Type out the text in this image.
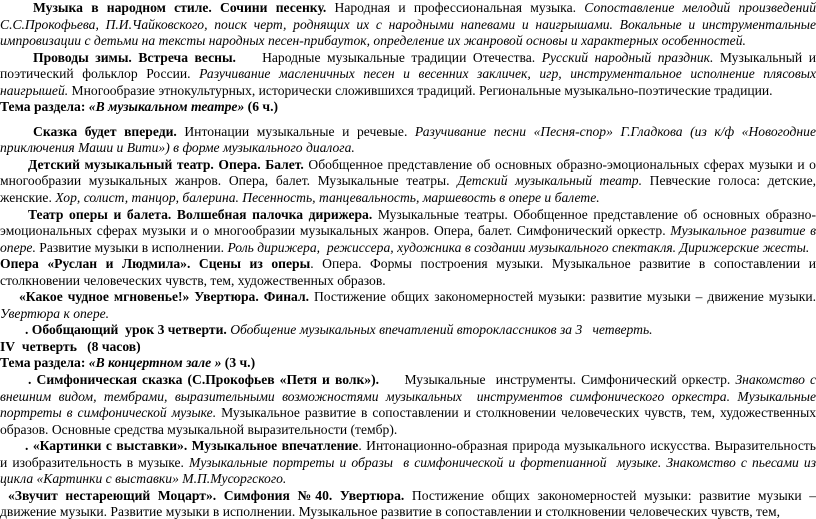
Музыка в народном стиле. Сочини песенку. Народная и профессиональная музыка. Сопоставление мелодий произведений С.С.Прокофьева, П.И.Чайковского, поиск черт, роднящих их с народными напевами и наигрышами. Вокальные и инструментальные импровизации с детьми на тексты народных песен-прибауток, определение их жанровой основы и характерных особенностей.

Проводы зимы. Встреча весны.    Народные музыкальные традиции Отечества. Русский народный праздник. Музыкальный и поэтический фольклор России. Разучивание масленичных песен и весенних закличек, игр, инструментальное исполнение плясовых наигрышей. Многообразие этнокультурных, исторически сложившихся традиций. Региональные музыкально-поэтические традиции.

Тема раздела: «В музыкальном театре» (6 ч.)

Сказка будет впереди. Интонации музыкальные и речевые. Разучивание песни «Песня-спор» Г.Гладкова (из к/ф «Новогодние приключения Маши и Вити») в форме музыкального диалога.

Детский музыкальный театр. Опера. Балет. Обобщенное представление об основных образно-эмоциональных сферах музыки и о многообразии музыкальных жанров. Опера, балет. Музыкальные театры. Детский музыкальный театр. Певческие голоса: детские, женские. Хор, солист, танцор, балерина. Песенность, танцевальность, маршевость в опере и балете.

Театр оперы и балета. Волшебная палочка дирижера. Музыкальные театры. Обобщенное представление об основных образно-эмоциональных сферах музыки и о многообразии музыкальных жанров. Опера, балет. Симфонический оркестр. Музыкальное развитие в опере. Развитие музыки в исполнении. Роль дирижера,  режиссера, художника в создании музыкального спектакля. Дирижерские жесты.

Опера «Руслан и Людмила». Сцены из оперы. Опера. Формы построения музыки. Музыкальное развитие в сопоставлении и столкновении человеческих чувств, тем, художественных образов.

«Какое чудное мгновенье!» Увертюра. Финал. Постижение общих закономерностей музыки: развитие музыки – движение музыки. Увертюра к опере.

. Обобщающий  урок 3 четверти. Обобщение музыкальных впечатлений второклассников за 3   четверть.

IV  четверть   (8 часов)

Тема раздела: «В концертном зале » (3 ч.)

. Симфоническая сказка (С.Прокофьев «Петя и волк»).     Музыкальные  инструменты. Симфонический оркестр. Знакомство с внешним видом, тембрами, выразительными возможностями музыкальных  инструментов симфонического оркестра. Музыкальные портреты в симфонической музыке. Музыкальное развитие в сопоставлении и столкновении человеческих чувств, тем, художественных образов. Основные средства музыкальной выразительности (тембр).

. «Картинки с выставки». Музыкальное впечатление. Интонационно-образная природа музыкального искусства. Выразительность и изобразительность в музыке. Музыкальные портреты и образы  в симфонической и фортепианной  музыке. Знакомство с пьесами из цикла «Картинки с выставки» М.П.Мусоргского.

«Звучит нестареющий Моцарт». Симфония №40. Увертюра. Постижение общих закономерностей музыки: развитие музыки – движение музыки. Развитие музыки в исполнении. Музыкальное развитие в сопоставлении и столкновении человеческих чувств, тем,
